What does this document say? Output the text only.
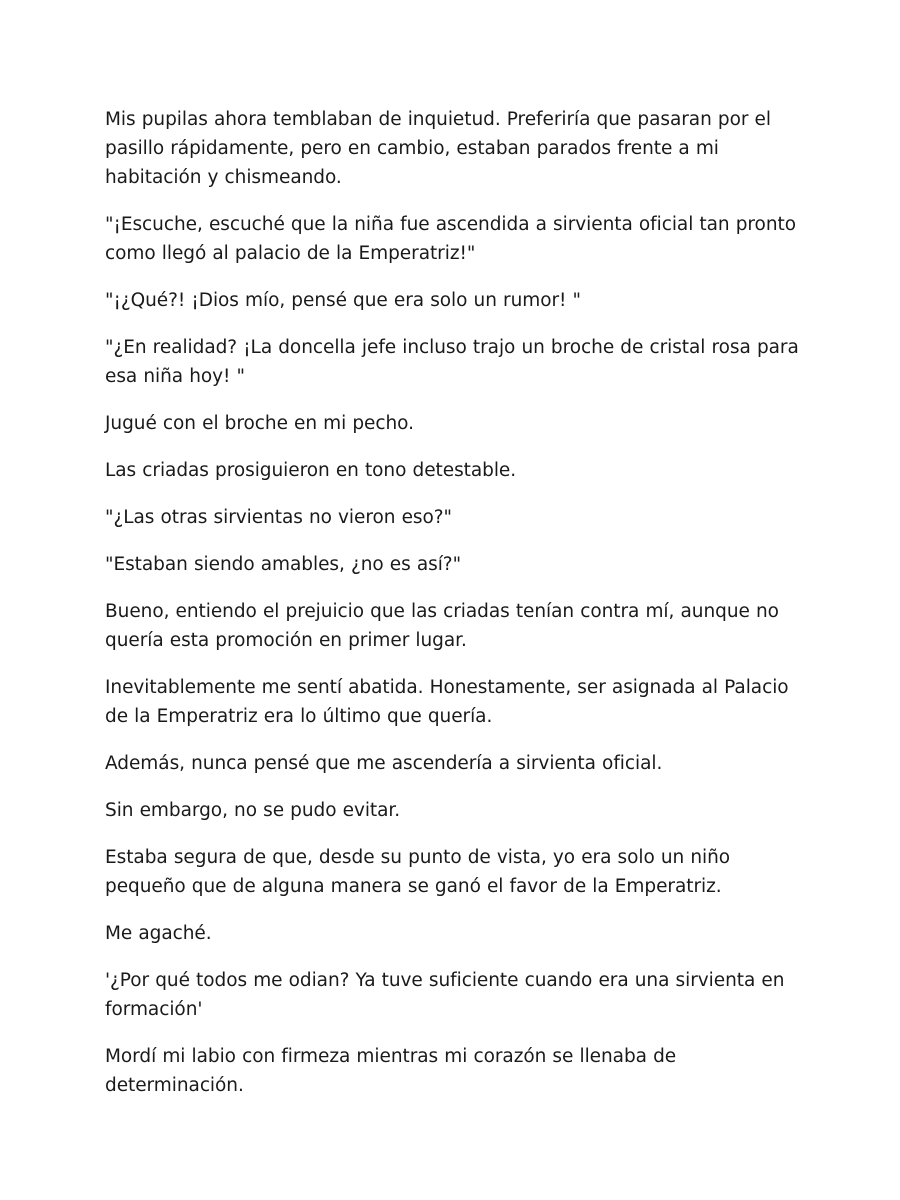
Mis pupilas ahora temblaban de inquietud. Preferiría que pasaran por el pasillo rápidamente, pero en cambio, estaban parados frente a mi habitación y chismeando.

"¡Escuche, escuché que la niña fue ascendida a sirvienta oficial tan pronto como llegó al palacio de la Emperatriz!"

"¡¿Qué?! ¡Dios mío, pensé que era solo un rumor! "

"¿En realidad? ¡La doncella jefe incluso trajo un broche de cristal rosa para esa niña hoy! "

Jugué con el broche en mi pecho.

Las criadas prosiguieron en tono detestable.

"¿Las otras sirvientas no vieron eso?"

"Estaban siendo amables, ¿no es así?"

Bueno, entiendo el prejuicio que las criadas tenían contra mí, aunque no quería esta promoción en primer lugar.

Inevitablemente me sentí abatida. Honestamente, ser asignada al Palacio de la Emperatriz era lo último que quería.

Además, nunca pensé que me ascendería a sirvienta oficial.

Sin embargo, no se pudo evitar.

Estaba segura de que, desde su punto de vista, yo era solo un niño pequeño que de alguna manera se ganó el favor de la Emperatriz.

Me agaché.

'¿Por qué todos me odian? Ya tuve suficiente cuando era una sirvienta en formación'

Mordí mi labio con firmeza mientras mi corazón se llenaba de determinación.
